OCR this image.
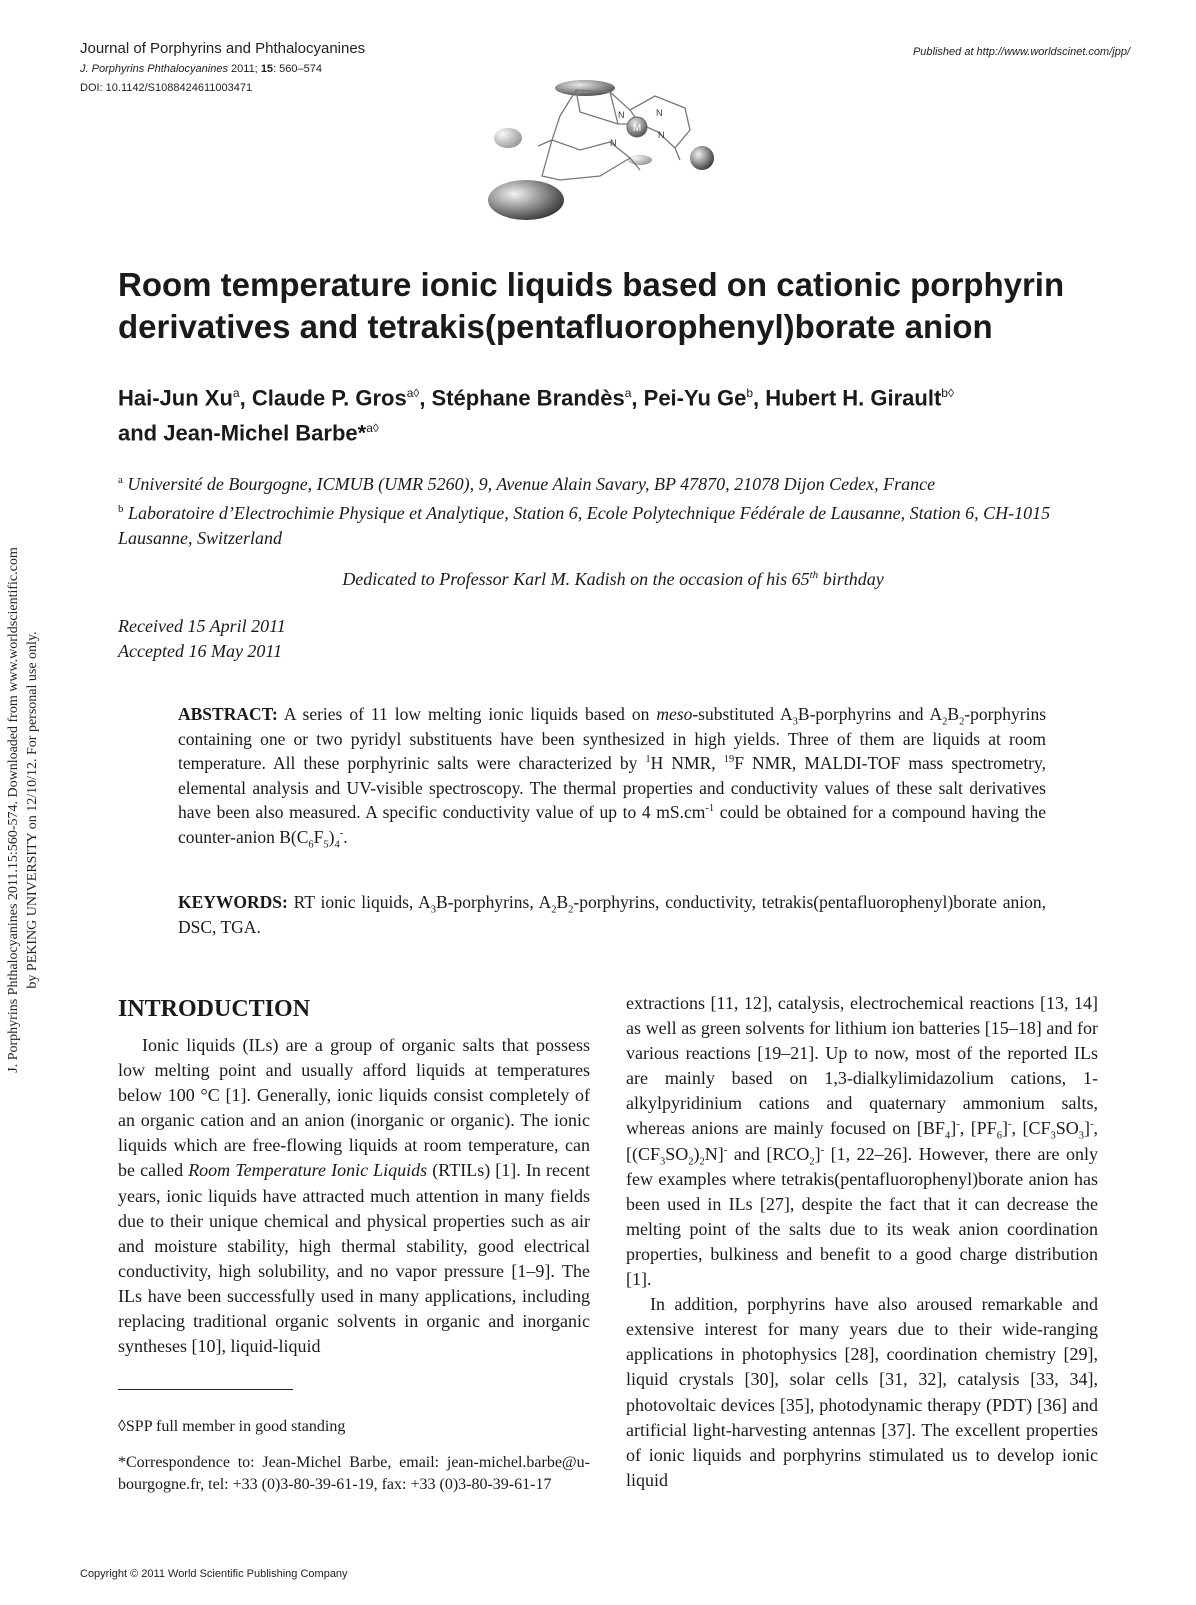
Journal of Porphyrins and Phthalocyanines
J. Porphyrins Phthalocyanines 2011; 15: 560–574
DOI: 10.1142/S1088424611003471
Published at http://www.worldscinet.com/jpp/
M
N	N
N
N
J. Porphyrins Phthalocyanines 2011.15:560-574. Downloaded from www.worldscientific.com by PEKING UNIVERSITY on 12/10/12. For personal use only.
Room temperature ionic liquids based on cationic porphyrin derivatives and tetrakis(pentafluorophenyl)borate anion
Hai-Jun Xu$^a$, Claude P. Gros$^{a◊}$, Stéphane Brandès$^a$, Pei-Yu Ge$^b$, Hubert H. Girault$^{b◊}$
and Jean-Michel Barbe*$^{a◊}$
$^a$ Université de Bourgogne, ICMUB (UMR 5260), 9, Avenue Alain Savary, BP 47870, 21078 Dijon Cedex, France
$^b$ Laboratoire d’Electrochimie Physique et Analytique, Station 6, Ecole Polytechnique Fédérale de Lausanne, Station 6, CH-1015 Lausanne, Switzerland
Dedicated to Professor Karl M. Kadish on the occasion of his 65th birthday
Received 15 April 2011
Accepted 16 May 2011
ABSTRACT: A series of 11 low melting ionic liquids based on meso-substituted $A_3B$-porphyrins and $A_2B_2$-porphyrins containing one or two pyridyl substituents have been synthesized in high yields. Three of them are liquids at room temperature. All these porphyrinic salts were characterized by $^1$H NMR, $^{19}$F NMR, MALDI-TOF mass spectrometry, elemental analysis and UV-visible spectroscopy. The thermal properties and conductivity values of these salt derivatives have been also measured. A specific conductivity value of up to 4 $mS.cm^{-1}$ could be obtained for a compound having the counter-anion $B(C_6F_5)_4^-$.
KEYWORDS: RT ionic liquids, $A_3B$-porphyrins, $A_2B_2$-porphyrins, conductivity, tetrakis(pentafluorophenyl)borate anion, DSC, TGA.
INTRODUCTION

Ionic liquids (ILs) are a group of organic salts that possess low melting point and usually afford liquids at temperatures below 100 °C [1]. Generally, ionic liquids consist completely of an organic cation and an anion (inorganic or organic). The ionic liquids which are free-flowing liquids at room temperature, can be called Room Temperature Ionic Liquids (RTILs) [1]. In recent years, ionic liquids have attracted much attention in many fields due to their unique chemical and physical properties such as air and moisture stability, high thermal stability, good electrical conductivity, high solubility, and no vapor pressure [1–9]. The ILs have been successfully used in many applications, including replacing traditional organic solvents in organic and inorganic syntheses [10], liquid-liquid

extractions [11, 12], catalysis, electrochemical reactions [13, 14] as well as green solvents for lithium ion batteries [15–18] and for various reactions [19–21]. Up to now, most of the reported ILs are mainly based on 1,3-dialkylimidazolium cations, 1-alkylpyridinium cations and quaternary ammonium salts, whereas anions are mainly focused on $[BF_4]^-$, $[PF_6]^-$, $[CF_3SO_3]^-$, $[(CF_3SO_2)_2N]^-$ and $[RCO_2]^-$ [1, 22–26]. However, there are only few examples where tetrakis(pentafluorophenyl)borate anion has been used in ILs [27], despite the fact that it can decrease the melting point of the salts due to its weak anion coordination properties, bulkiness and benefit to a good charge distribution [1].

In addition, porphyrins have also aroused remarkable and extensive interest for many years due to their wide-ranging applications in photophysics [28], coordination chemistry [29], liquid crystals [30], solar cells [31, 32], catalysis [33, 34], photovoltaic devices [35], photodynamic therapy (PDT) [36] and artificial light-harvesting antennas [37]. The excellent properties of ionic liquids and porphyrins stimulated us to develop ionic liquid

◊SPP full member in good standing
*Correspondence to: Jean-Michel Barbe, email: jean-michel.barbe@u-bourgogne.fr, tel: +33 (0)3-80-39-61-19, fax: +33 (0)3-80-39-61-17
Copyright © 2011 World Scientific Publishing Company
